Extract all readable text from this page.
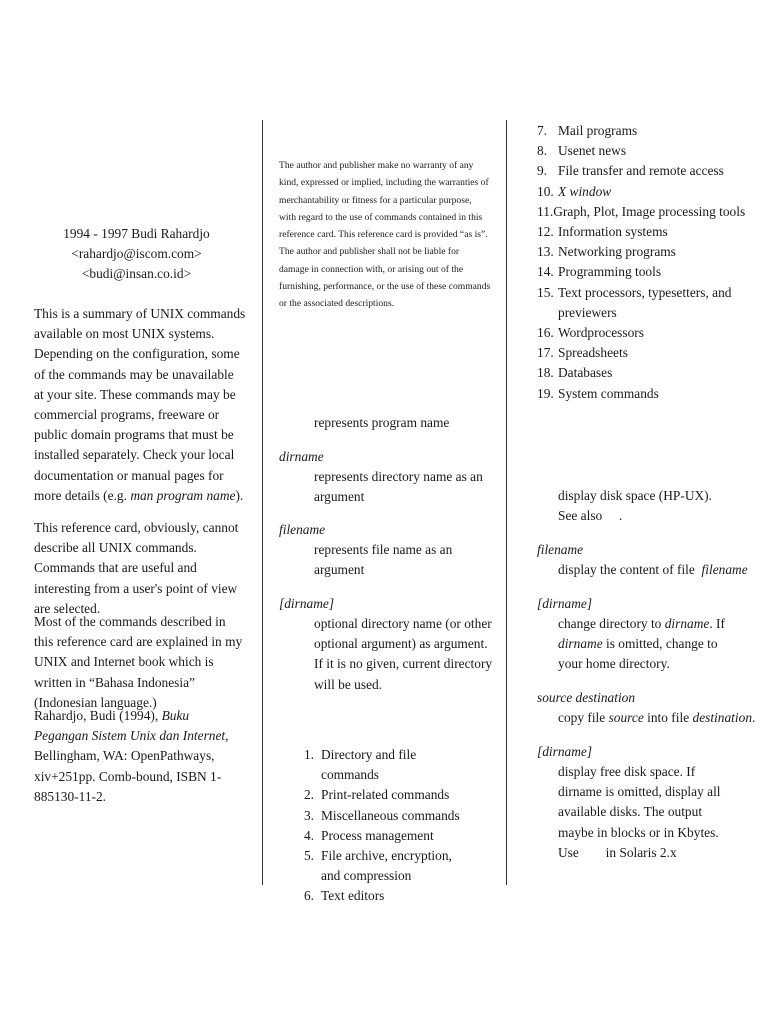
1994 - 1997 Budi Rahardjo
<rahardjo@iscom.com>
<budi@insan.co.id>
This is a summary of UNIX commands available on most UNIX systems. Depending on the configuration, some of the commands may be unavailable at your site. These commands may be commercial programs, freeware or public domain programs that must be installed separately. Check your local documentation or manual pages for more details (e.g. man program name).
This reference card, obviously, cannot describe all UNIX commands. Commands that are useful and interesting from a user's point of view are selected.
Most of the commands described in this reference card are explained in my UNIX and Internet book which is written in “Bahasa Indonesia” (Indonesian language.)
Rahardjo, Budi (1994), Buku Pegangan Sistem Unix dan Internet, Bellingham, WA: OpenPathways, xiv+251pp. Comb-bound, ISBN 1-885130-11-2.
The author and publisher make no warranty of any kind, expressed or implied, including the warranties of merchantability or fitness for a particular purpose, with regard to the use of commands contained in this reference card. This reference card is provided “as is”. The author and publisher shall not be liable for damage in connection with, or arising out of the furnishing, performance, or the use of these commands or the associated descriptions.
represents program name
dirname
represents directory name as an argument
filename
represents file name as an argument
[dirname]
optional directory name (or other optional argument) as argument. If it is no given, current directory will be used.
1. Directory and file commands
2. Print-related commands
3. Miscellaneous commands
4. Process management
5. File archive, encryption, and compression
6. Text editors
7. Mail programs
8. Usenet news
9. File transfer and remote access
10. X window
11. Graph, Plot, Image processing tools
12. Information systems
13. Networking programs
14. Programming tools
15. Text processors, typesetters, and previewers
16. Wordprocessors
17. Spreadsheets
18. Databases
19. System commands
display disk space (HP-UX). See also .
filename
display the content of file filename
[dirname]
change directory to dirname. If dirname is omitted, change to your home directory.
source destination
copy file source into file destination.
[dirname]
display free disk space. If dirname is omitted, display all available disks. The output maybe in blocks or in Kbytes. Use in Solaris 2.x
